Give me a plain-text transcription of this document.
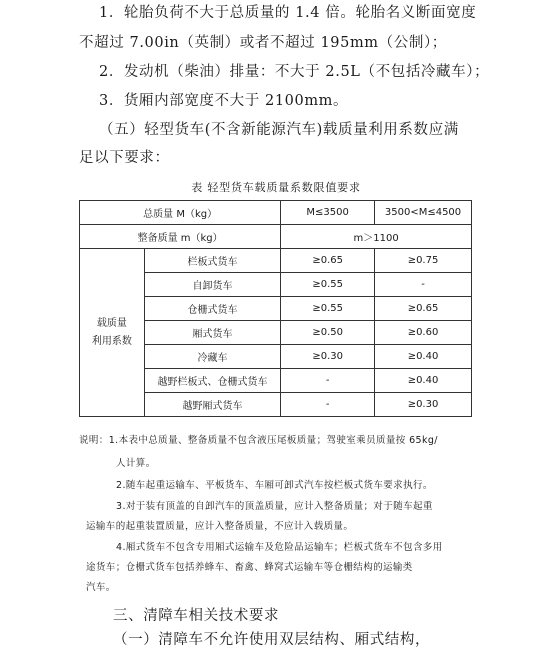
1．轮胎负荷不大于总质量的 1.4 倍。轮胎名义断面宽度
不超过 7.00in（英制）或者不超过 195mm（公制）；
2．发动机（柴油）排量：不大于 2.5L（不包括冷藏车）；
3．货厢内部宽度不大于 2100mm。
（五）轻型货车(不含新能源汽车)载质量利用系数应满
足以下要求：
表 轻型货车载质量系数限值要求
总质量 M（kg）		M≤3500	3500<M≤4500
整备质量 m（kg）		m＞1100	
载质量
利用系数	栏板式货车	≥0.65	≥0.75
	自卸货车	≥0.55	-
	仓栅式货车	≥0.55	≥0.65
	厢式货车	≥0.50	≥0.60
	冷藏车	≥0.30	≥0.40
	越野栏板式、仓栅式货车	-	≥0.40
	越野厢式货车	-	≥0.30
说明：1.本表中总质量、整备质量不包含液压尾板质量；驾驶室乘员质量按 65kg/
人计算。
2.随车起重运输车、平板货车、车厢可卸式汽车按栏板式货车要求执行。
3.对于装有顶盖的自卸汽车的顶盖质量，应计入整备质量；对于随车起重
运输车的起重装置质量，应计入整备质量，不应计入载质量。
4.厢式货车不包含专用厢式运输车及危险品运输车；栏板式货车不包含多用
途货车；仓栅式货车包括养蜂车、畜禽、蜂窝式运输车等仓栅结构的运输类
汽车。
三、清障车相关技术要求
（一）清障车不允许使用双层结构、厢式结构，
